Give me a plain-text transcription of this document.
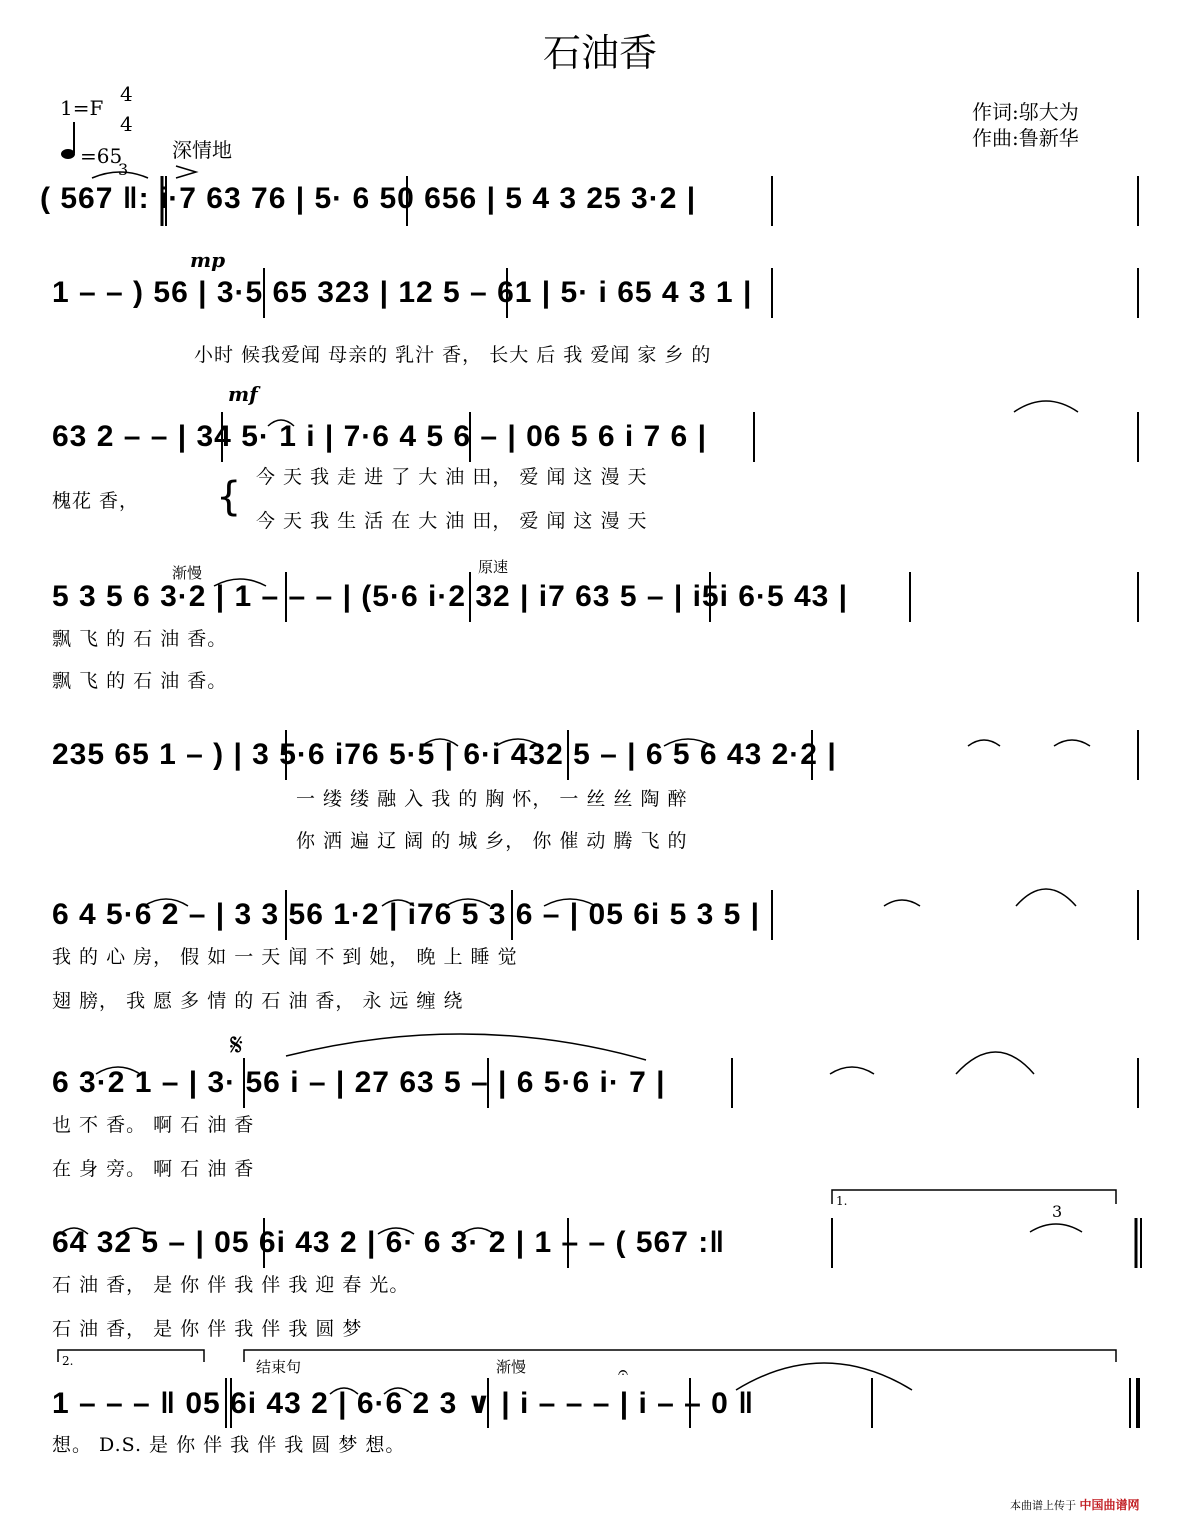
石油香
1=F
4
4
=65 深情地
作词:邬大为
作曲:鲁新华
( 567 ‖: i·7 63 76 | 5· 6 50 656 | 5 4 3 25 3·2 |
1 – – ) 56 | 3·5 65 323 | 12 5 – 61 | 5· i 65 4 3 1 |
小时 候我爱闻 母亲的 乳汁 香， 长大 后 我 爱闻 家 乡 的
63 2 – – | 34 5· 1 i | 7·6 4 5 6 – | 06 5 6 i 7 6 |
槐花 香， { 今 天 我 走 进 了 大 油 田， 爱 闻 这 漫 天
今 天 我 生 活 在 大 油 田， 爱 闻 这 漫 天
5 3 5 6 3·2 | 1 – – – | (5·6 i·2 32 | i7 63 5 – | i5i 6·5 43 |
飘 飞 的 石 油 香。
飘 飞 的 石 油 香。
235 65 1 – ) | 3 5·6 i76 5·5 | 6·i 432 5 – | 6 5 6 43 2·2 |
一 缕 缕 融 入 我 的 胸 怀， 一 丝 丝 陶 醉
你 洒 遍 辽 阔 的 城 乡， 你 催 动 腾 飞 的
6 4 5·6 2 – | 3 3 56 1·2 | i76 5 3 6 – | 05 6i 5 3 5 |
我 的 心 房， 假 如 一 天 闻 不 到 她， 晚 上 睡 觉
翅 膀， 我 愿 多 情 的 石 油 香， 永 远 缠 绕
6 3·2 1 – | 3· 56 i – | 27 63 5 – | 6 5·6 i· 7 |
也 不 香。 啊 石 油 香
在 身 旁。 啊 石 油 香
64 32 5 – | 05 6i 43 2 | 6· 6 3· 2 | 1 – – ( 567 :‖
石 油 香， 是 你 伴 我 伴 我 迎 春 光。
石 油 香， 是 你 伴 我 伴 我 圆 梦
1 – – – ‖ 05 6i 43 2 | 6·6 2 3 ∨ | i – – – | i – – 0 ‖
想。 D.S. 是 你 伴 我 伴 我 圆 梦 想。
mp
mf
渐慢	原速
结束句	渐慢
1.
2.
3
3
𝄋
𝄐
本曲谱上传于 中国曲谱网
